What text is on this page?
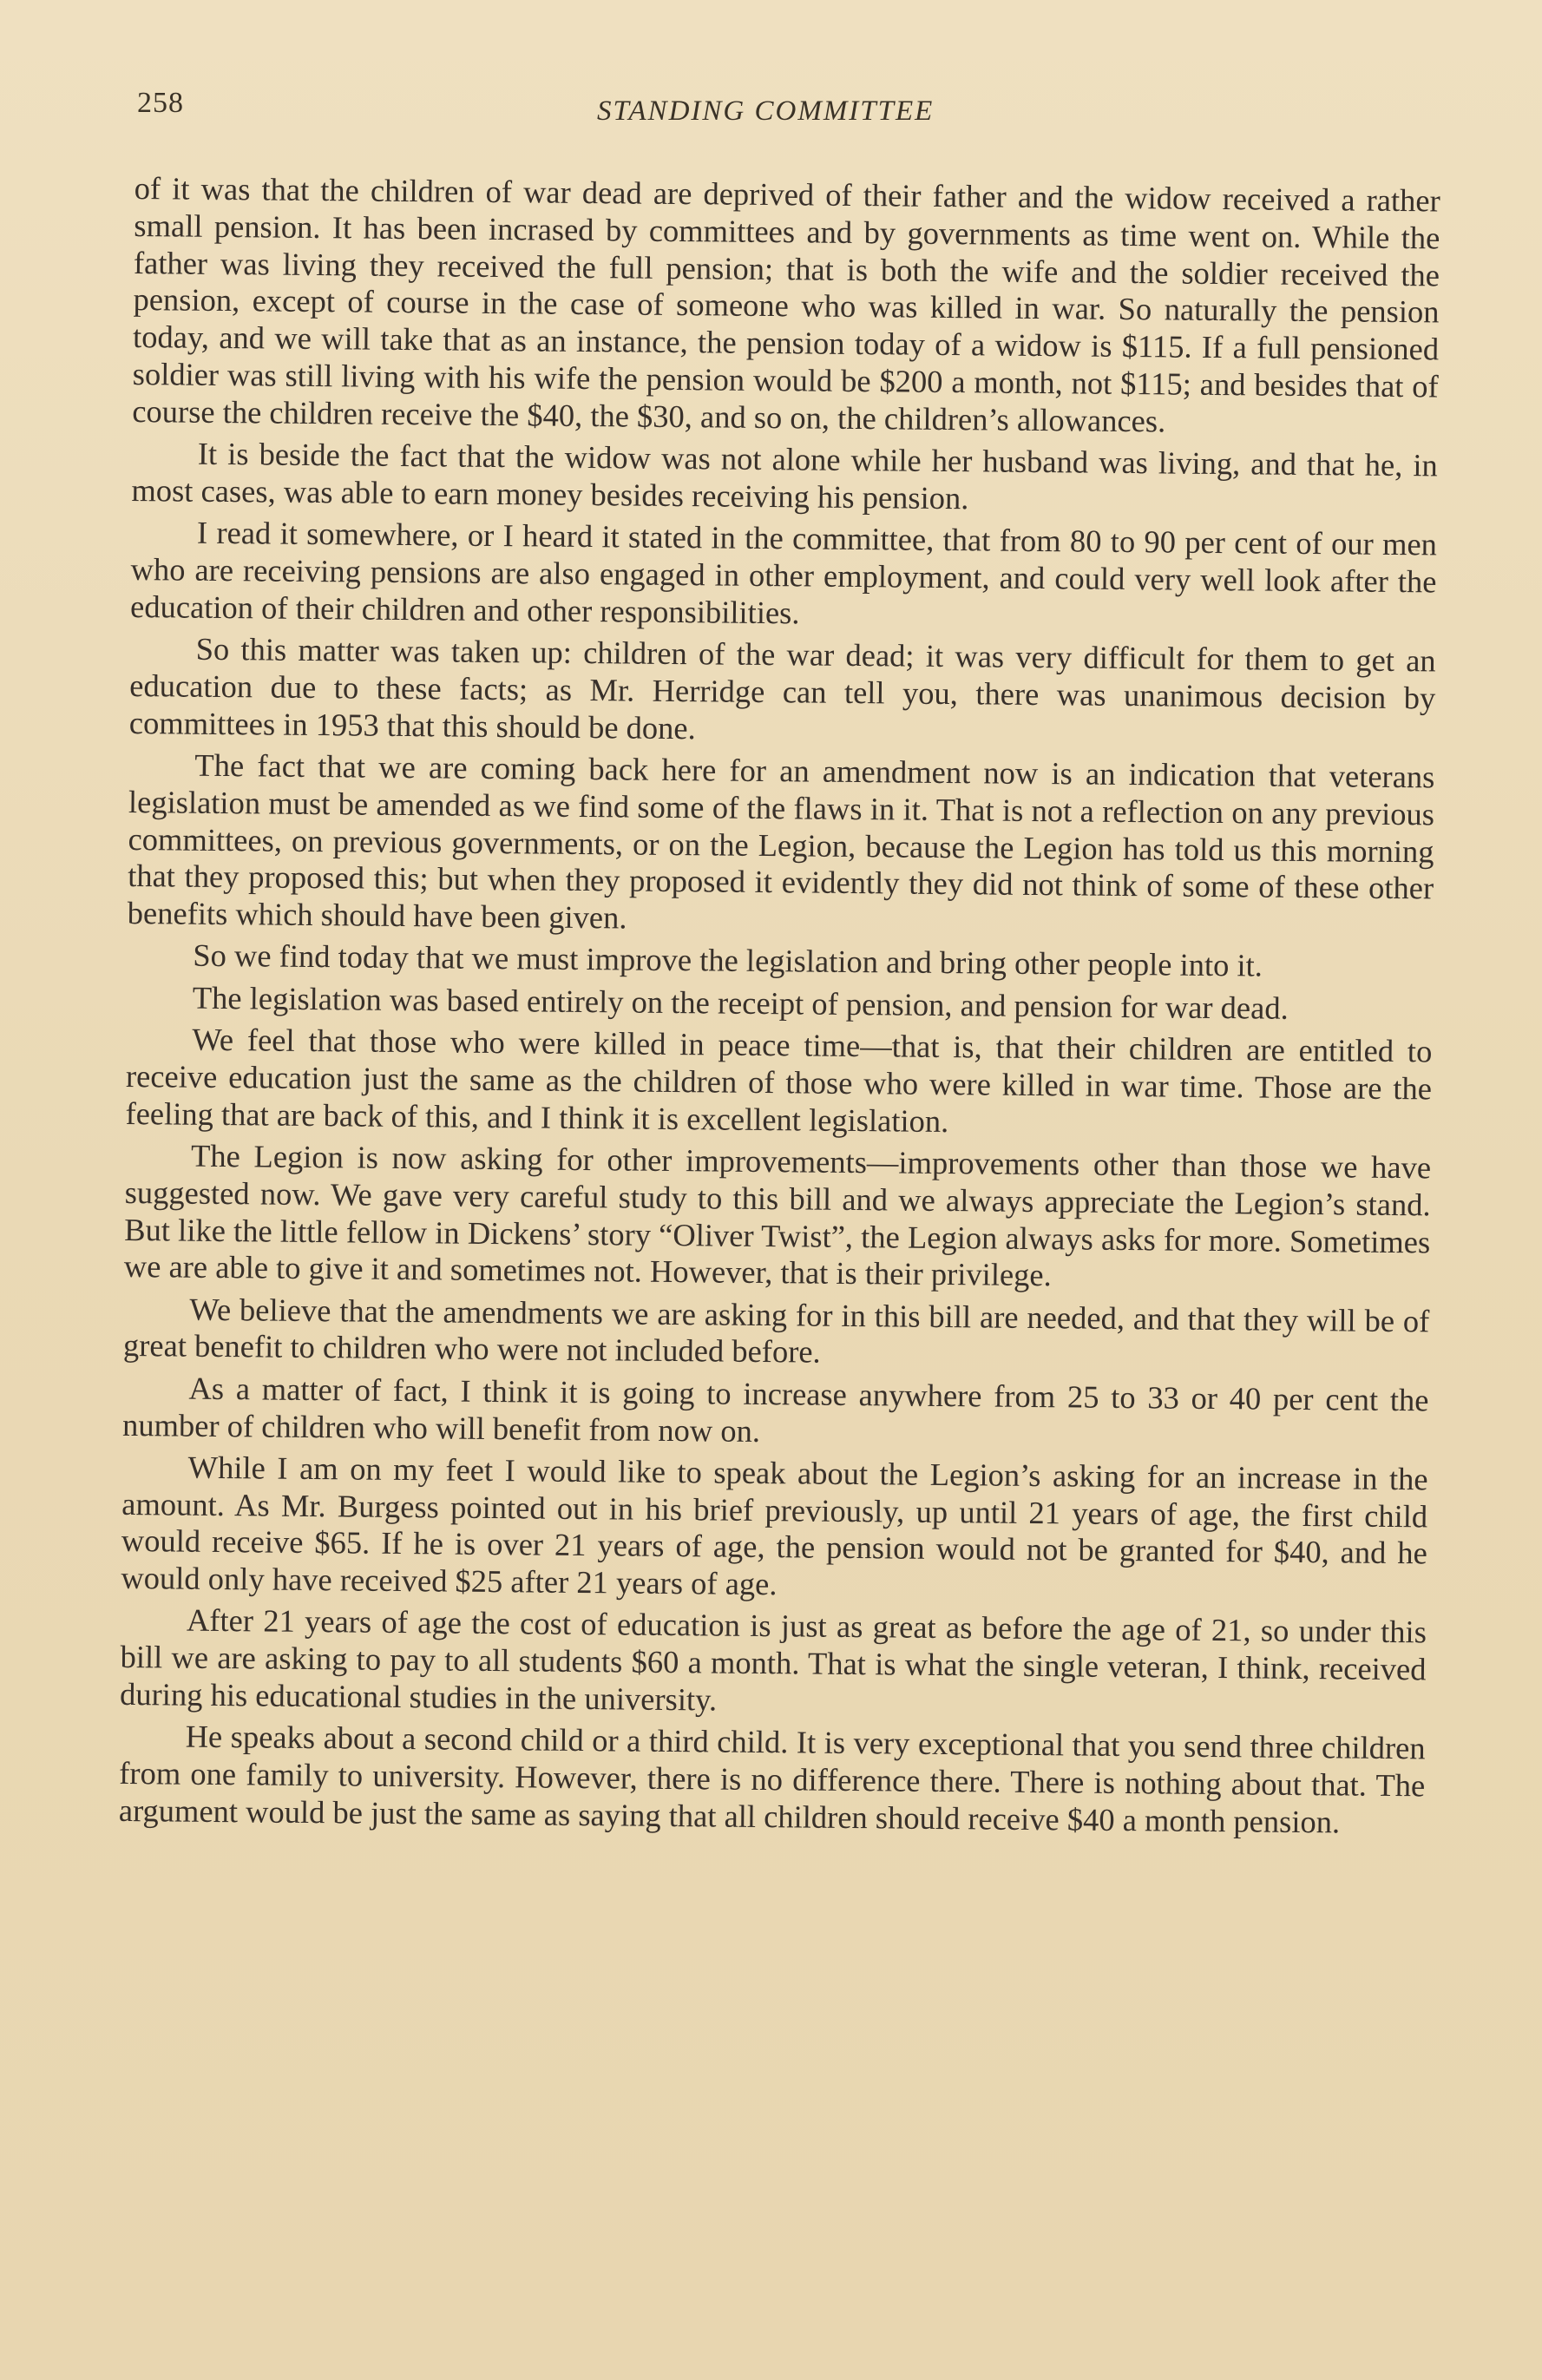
258	STANDING COMMITTEE

of it was that the children of war dead are deprived of their father and the widow received a rather small pension. It has been incrased by committees and by governments as time went on. While the father was living they received the full pension; that is both the wife and the soldier received the pension, except of course in the case of someone who was killed in war. So naturally the pension today, and we will take that as an instance, the pension today of a widow is $115. If a full pensioned soldier was still living with his wife the pension would be $200 a month, not $115; and besides that of course the children receive the $40, the $30, and so on, the children’s allowances.

It is beside the fact that the widow was not alone while her husband was living, and that he, in most cases, was able to earn money besides receiving his pension.

I read it somewhere, or I heard it stated in the committee, that from 80 to 90 per cent of our men who are receiving pensions are also engaged in other employment, and could very well look after the education of their children and other responsibilities.

So this matter was taken up: children of the war dead; it was very difficult for them to get an education due to these facts; as Mr. Herridge can tell you, there was unanimous decision by committees in 1953 that this should be done.

The fact that we are coming back here for an amendment now is an indication that veterans legislation must be amended as we find some of the flaws in it. That is not a reflection on any previous committees, on previous governments, or on the Legion, because the Legion has told us this morning that they proposed this; but when they proposed it evidently they did not think of some of these other benefits which should have been given.

So we find today that we must improve the legislation and bring other people into it.

The legislation was based entirely on the receipt of pension, and pension for war dead.

We feel that those who were killed in peace time—that is, that their children are entitled to receive education just the same as the children of those who were killed in war time. Those are the feeling that are back of this, and I think it is excellent legislation.

The Legion is now asking for other improvements—improvements other than those we have suggested now. We gave very careful study to this bill and we always appreciate the Legion’s stand. But like the little fellow in Dickens’ story “Oliver Twist”, the Legion always asks for more. Sometimes we are able to give it and sometimes not. However, that is their privilege.

We believe that the amendments we are asking for in this bill are needed, and that they will be of great benefit to children who were not included before.

As a matter of fact, I think it is going to increase anywhere from 25 to 33 or 40 per cent the number of children who will benefit from now on.

While I am on my feet I would like to speak about the Legion’s asking for an increase in the amount. As Mr. Burgess pointed out in his brief previously, up until 21 years of age, the first child would receive $65. If he is over 21 years of age, the pension would not be granted for $40, and he would only have received $25 after 21 years of age.

After 21 years of age the cost of education is just as great as before the age of 21, so under this bill we are asking to pay to all students $60 a month. That is what the single veteran, I think, received during his educational studies in the university.

He speaks about a second child or a third child. It is very exceptional that you send three children from one family to university. However, there is no difference there. There is nothing about that. The argument would be just the same as saying that all children should receive $40 a month pension.
